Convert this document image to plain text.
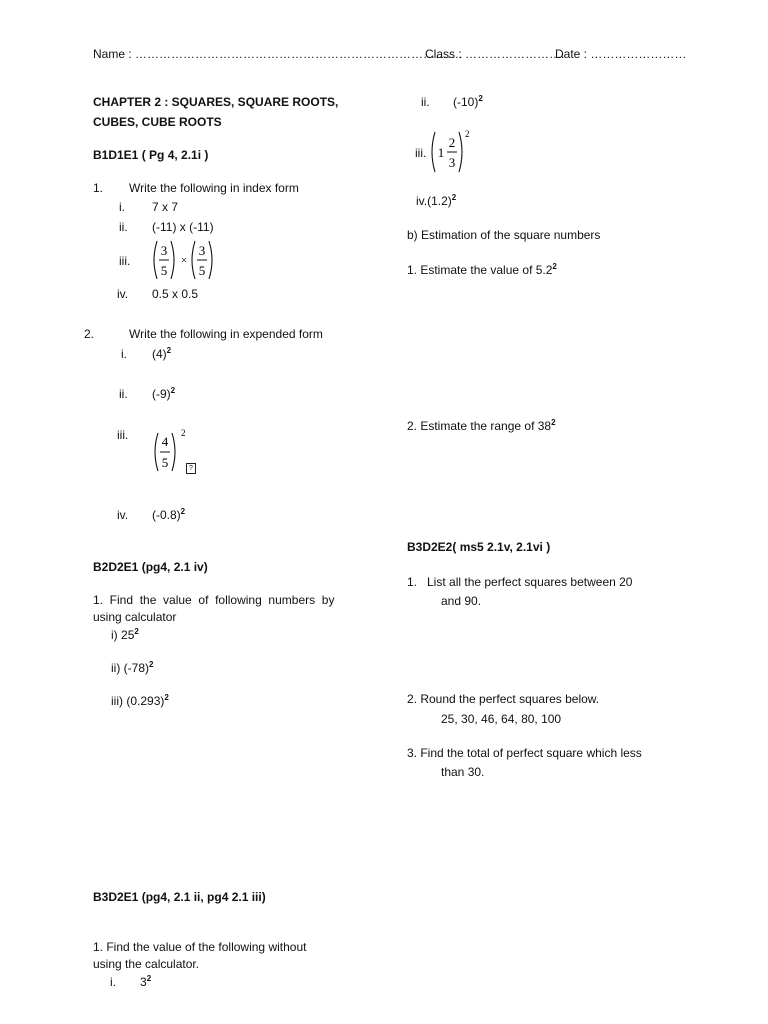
Name : ……………………………………………………………………….
Class : …………………….
Date : ……………………
CHAPTER 2 : SQUARES, SQUARE ROOTS,
CUBES, CUBE ROOTS
B1D1E1 ( Pg 4, 2.1i )
1. Write the following in index form
i. 7 x 7
ii. (-11) x (-11)
iii.
3
5
×
3
5
iv. 0.5 x 0.5
2.	Write the following in expended form
i. $(4)^2$
ii. $(-9)^2$
iii.	4
5
2
?
iv. $(-0.8)^2$
B2D2E1 (pg4, 2.1 iv)
1.  Find  the  value  of  following  numbers  by
using calculator
i) $25^2$
ii) $(-78)^2$
iii) $(0.293)^2$
B3D2E1 (pg4, 2.1 ii, pg4 2.1 iii)
1. Find the value of the following without
using the calculator.
i. $3^2$
ii. $(-10)^2$
iii. 1
2
3
2
$iv.(1.2)^2$
b) Estimation of the square numbers
1. Estimate the value of $5.2^2$
2. Estimate the range of $38^2$
B3D2E2( ms5 2.1v, 2.1vi )
1.   List all the perfect squares between 20
and 90.
2. Round the perfect squares below.
25, 30, 46, 64, 80, 100
3. Find the total of perfect square which less
than 30.
